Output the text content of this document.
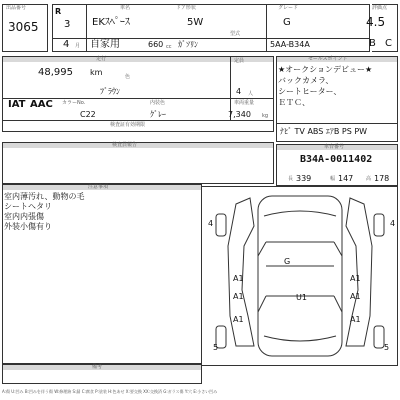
出品番号
3065
R
3
4 月
車名
EKｽﾍﾟｰｽ
ドア形状
5W
グレード
G
自家用	660 cc ｶﾞｿﾘﾝ
型式
5AA-B34A
評価点
4.5
B C
走行
48,995 km	色
ﾌﾞﾗｳﾝ
定員
4 人
IAT AAC カラーNo.	内装色	車両重量
C22	ｸﾞﾚｰ	7,340 kg
検査証有効期限
セールスポイント
★オークションデビュー★
バックカメラ、
シートヒーター、
ＥＴＣ、
ﾅﾋﾞ TV ABS ｴｱB PS PW
検査員報告	車台番号
B34A-0011402
長 339	幅 147	高 178
注意事項
室内薄汚れ、動物の毛
シートヘタリ
室内内張傷
外装小傷有り	4	4
G
A1	A1
A1	U1	A1
A1	A1
5	5
備考
A:傷 U:凹み B:凹みを伴う傷 W:修理跡 S:錆 C:腐食 P:塗装 H:色あせ X:要交換 XX:交換済 G:ガラス傷 Y:穴 E:小さい凹み
